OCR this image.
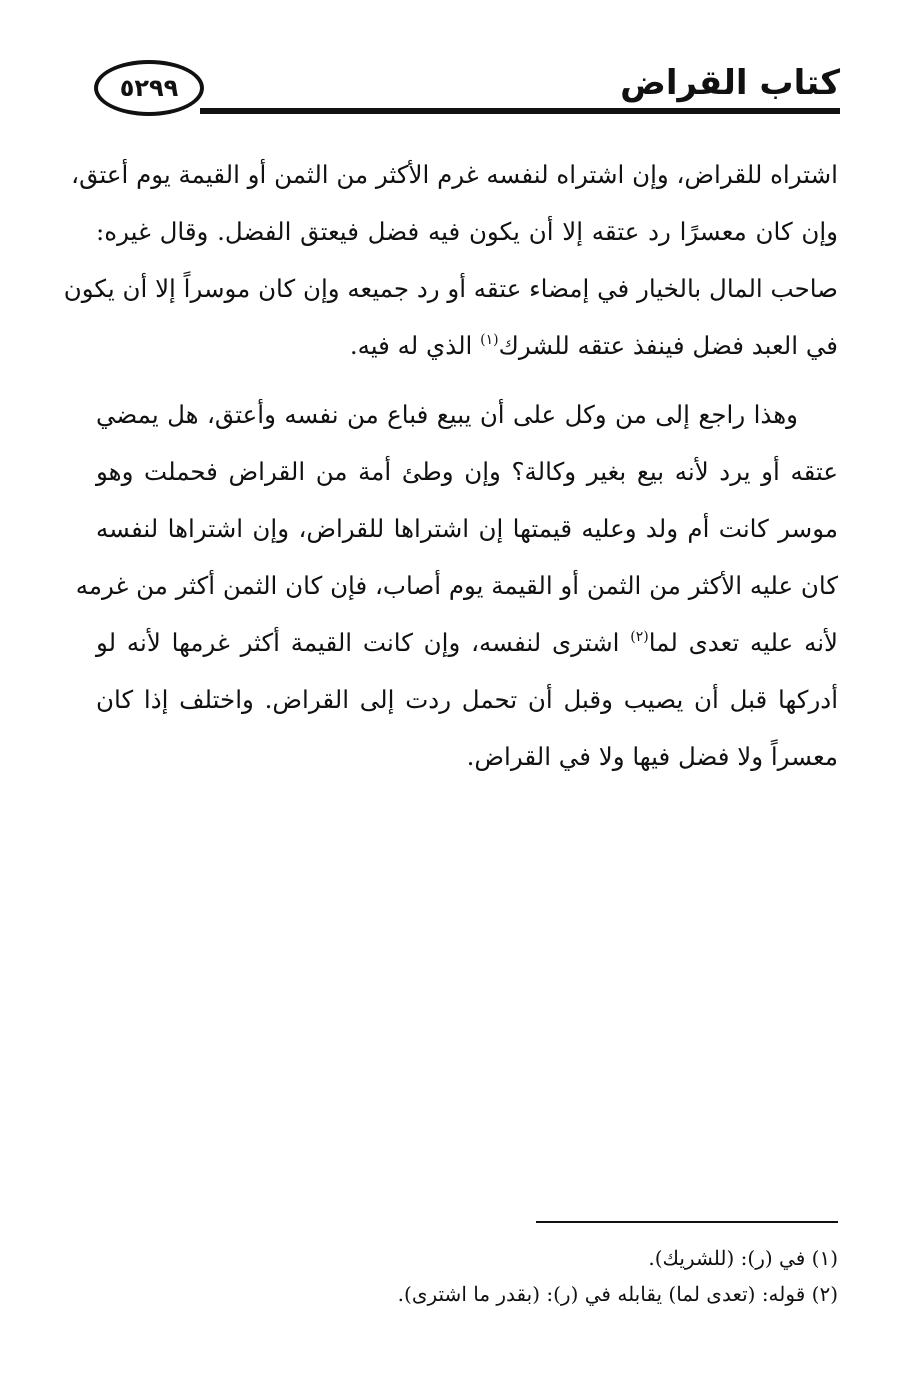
٥٢٩٩	كتاب القراض
اشتراه للقراض، وإن اشتراه لنفسه غرم الأكثر من الثمن أو القيمة يوم أعتق،
وإن كان معسرًا رد عتقه إلا أن يكون فيه فضل فيعتق الفضل. وقال غيره:
صاحب المال بالخيار في إمضاء عتقه أو رد جميعه وإن كان موسراً إلا أن يكون
في العبد فضل فينفذ عتقه للشرك$^{(١)}$ الذي له فيه.
وهذا راجع إلى من وكل على أن يبيع فباع من نفسه وأعتق، هل يمضي
عتقه أو يرد لأنه بيع بغير وكالة؟ وإن وطئ أمة من القراض فحملت وهو
موسر كانت أم ولد وعليه قيمتها إن اشتراها للقراض، وإن اشتراها لنفسه
كان عليه الأكثر من الثمن أو القيمة يوم أصاب، فإن كان الثمن أكثر من غرمه
لأنه عليه تعدى لما$^{(٢)}$ اشترى لنفسه، وإن كانت القيمة أكثر غرمها لأنه لو
أدركها قبل أن يصيب وقبل أن تحمل ردت إلى القراض. واختلف إذا كان
معسراً ولا فضل فيها ولا في القراض.
(١) في (ر): (للشريك).
(٢) قوله: (تعدى لما) يقابله في (ر): (بقدر ما اشترى).
